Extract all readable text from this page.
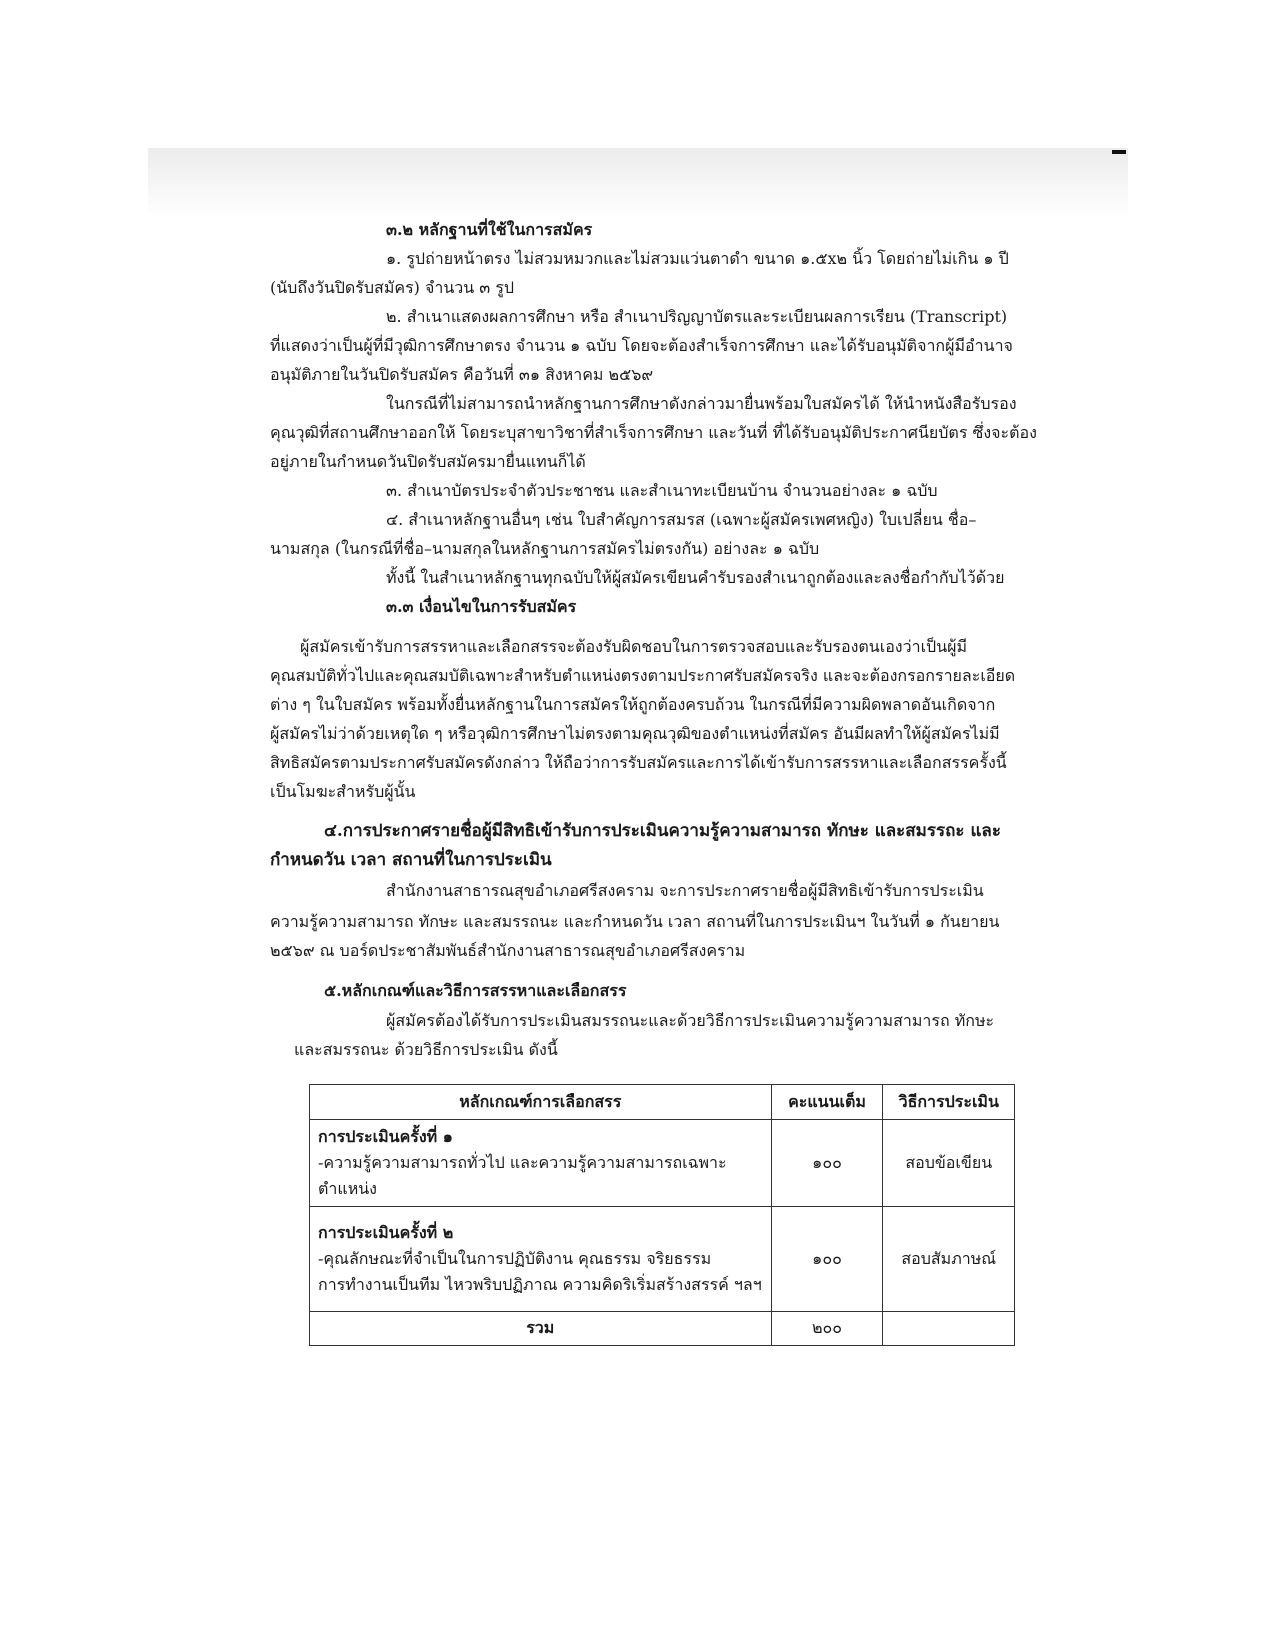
๓.๒ หลักฐานที่ใช้ในการสมัคร
๑. รูปถ่ายหน้าตรง ไม่สวมหมวกและไม่สวมแว่นตาดำ ขนาด ๑.๕x๒ นิ้ว โดยถ่ายไม่เกิน ๑ ปี
(นับถึงวันปิดรับสมัคร) จำนวน ๓ รูป
๒. สำเนาแสดงผลการศึกษา หรือ สำเนาปริญญาบัตรและระเบียนผลการเรียน (Transcript)
ที่แสดงว่าเป็นผู้ที่มีวุฒิการศึกษาตรง จำนวน ๑ ฉบับ โดยจะต้องสำเร็จการศึกษา และได้รับอนุมัติจากผู้มีอำนาจ
อนุมัติภายในวันปิดรับสมัคร คือวันที่ ๓๑ สิงหาคม ๒๕๖๙
ในกรณีที่ไม่สามารถนำหลักฐานการศึกษาดังกล่าวมายื่นพร้อมใบสมัครได้ ให้นำหนังสือรับรอง
คุณวุฒิที่สถานศึกษาออกให้ โดยระบุสาขาวิชาที่สำเร็จการศึกษา และวันที่ ที่ได้รับอนุมัติประกาศนียบัตร ซึ่งจะต้อง
อยู่ภายในกำหนดวันปิดรับสมัครมายื่นแทนก็ได้
๓. สำเนาบัตรประจำตัวประชาชน และสำเนาทะเบียนบ้าน จำนวนอย่างละ ๑ ฉบับ
๔. สำเนาหลักฐานอื่นๆ เช่น ใบสำคัญการสมรส (เฉพาะผู้สมัครเพศหญิง) ใบเปลี่ยน ชื่อ–
นามสกุล (ในกรณีที่ชื่อ–นามสกุลในหลักฐานการสมัครไม่ตรงกัน) อย่างละ ๑ ฉบับ
ทั้งนี้ ในสำเนาหลักฐานทุกฉบับให้ผู้สมัครเขียนคำรับรองสำเนาถูกต้องและลงชื่อกำกับไว้ด้วย
๓.๓ เงื่อนไขในการรับสมัคร
ผู้สมัครเข้ารับการสรรหาและเลือกสรรจะต้องรับผิดชอบในการตรวจสอบและรับรองตนเองว่าเป็นผู้มี
คุณสมบัติทั่วไปและคุณสมบัติเฉพาะสำหรับตำแหน่งตรงตามประกาศรับสมัครจริง และจะต้องกรอกรายละเอียด
ต่าง ๆ ในใบสมัคร พร้อมทั้งยื่นหลักฐานในการสมัครให้ถูกต้องครบถ้วน ในกรณีที่มีความผิดพลาดอันเกิดจาก
ผู้สมัครไม่ว่าด้วยเหตุใด ๆ หรือวุฒิการศึกษาไม่ตรงตามคุณวุฒิของตำแหน่งที่สมัคร อันมีผลทำให้ผู้สมัครไม่มี
สิทธิสมัครตามประกาศรับสมัครดังกล่าว ให้ถือว่าการรับสมัครและการได้เข้ารับการสรรหาและเลือกสรรครั้งนี้
เป็นโมฆะสำหรับผู้นั้น
๔.การประกาศรายชื่อผู้มีสิทธิเข้ารับการประเมินความรู้ความสามารถ ทักษะ และสมรรถะ และ
กำหนดวัน เวลา สถานที่ในการประเมิน
สำนักงานสาธารณสุขอำเภอศรีสงคราม จะการประกาศรายชื่อผู้มีสิทธิเข้ารับการประเมิน
ความรู้ความสามารถ ทักษะ และสมรรถนะ และกำหนดวัน เวลา สถานที่ในการประเมินฯ ในวันที่ ๑ กันยายน
๒๕๖๙ ณ บอร์ดประชาสัมพันธ์สำนักงานสาธารณสุขอำเภอศรีสงคราม
๕.หลักเกณฑ์และวิธีการสรรหาและเลือกสรร
ผู้สมัครต้องได้รับการประเมินสมรรถนะและด้วยวิธีการประเมินความรู้ความสามารถ ทักษะ
และสมรรถนะ ด้วยวิธีการประเมิน ดังนี้
หลักเกณฑ์การเลือกสรร	คะแนนเต็ม	วิธีการประเมิน

การประเมินครั้งที่ ๑
-ความรู้ความสามารถทั่วไป และความรู้ความสามารถเฉพาะตำแหน่ง	๑๐๐	สอบข้อเขียน

การประเมินครั้งที่ ๒
-คุณลักษณะที่จำเป็นในการปฏิบัติงาน คุณธรรม จริยธรรม
การทำงานเป็นทีม ไหวพริบปฏิภาณ ความคิดริเริ่มสร้างสรรค์ ฯลฯ	๑๐๐	สอบสัมภาษณ์
รวม	๒๐๐	
